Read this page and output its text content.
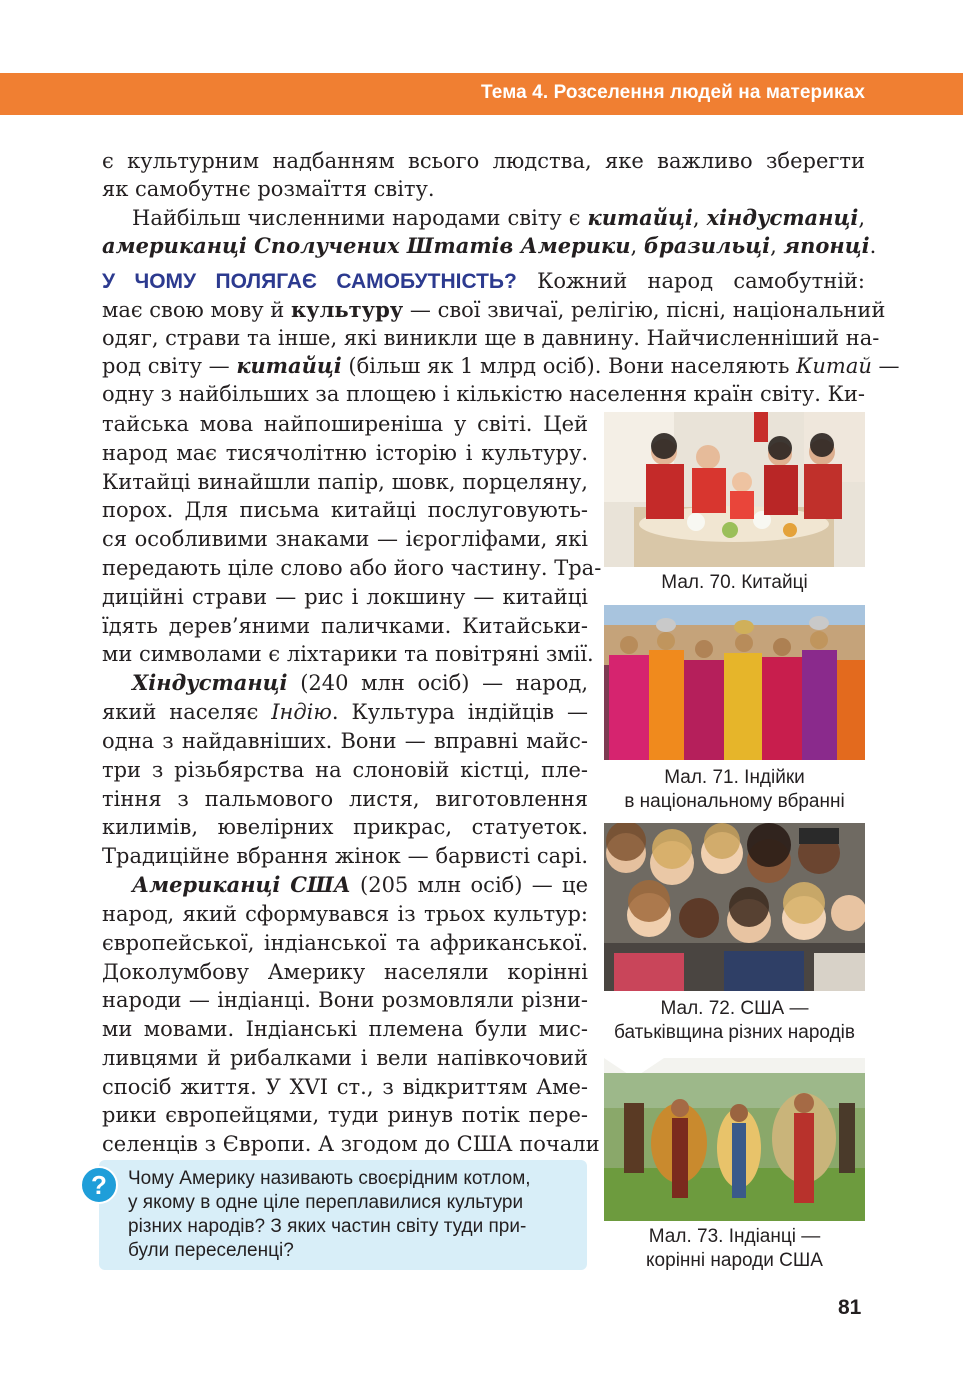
Тема 4. Розселення людей на материках
є культурним надбанням всього людства, яке важливо зберегти
як самобутнє розмаїття світу.
Найбільш численними народами світу є китайці, хіндустанці,
американці Сполучених Штатів Америки, бразильці, японці.
У ЧОМУ ПОЛЯГАЄ САМОБУТНІСТЬ? Кожний народ самобутній:
має свою мову й культуру — свої звичаї, релігію, пісні, національний
одяг, страви та інше, які виникли ще в давнину. Найчисленніший на-
род світу — китайці (більш як 1 млрд осіб). Вони населяють Китай —
одну з найбільших за площею і кількістю населення країн світу. Ки-
тайська мова найпоширеніша у світі. Цей
народ має тисячолітню історію і культуру.
Китайці винайшли папір, шовк, порцеляну,
порох. Для письма китайці послуговують-
ся особливими знаками — ієрогліфами, які
передають ціле слово або його частину. Тра-
диційні страви — рис і локшину — китайці
їдять дерев’яними паличками. Китайськи-
ми символами є ліхтарики та повітряні змії.
Хіндустанці (240 млн осіб) — народ,
який населяє Індію. Культура індійців —
одна з найдавніших. Вони — вправні майс-
три з різьбярства на слоновій кістці, пле-
тіння з пальмового листя, виготовлення
килимів, ювелірних прикрас, статуеток.
Традиційне вбрання жінок — барвисті сарі.
Американці США (205 млн осіб) — це
народ, який сформувався із трьох культур:
європейської, індіанської та африканської.
Доколумбову Америку населяли корінні
народи — індіанці. Вони розмовляли різни-
ми мовами. Індіанські племена були мис-
ливцями й рибалками і вели напівкочовий
спосіб життя. У XVI ст., з відкриттям Аме-
рики європейцями, туди ринув потік пере-
селенців з Європи. А згодом до США почали
Мал. 70. Китайці
Мал. 71. Індійки
в національному вбранні
Мал. 72. США —
батьківщина різних народів
Мал. 73. Індіанці —
корінні народи США
?	Чому Америку називають своєрідним котлом,
у якому в одне ціле переплавилися культури
різних народів? З яких частин світу туди при-
були переселенці?
81
